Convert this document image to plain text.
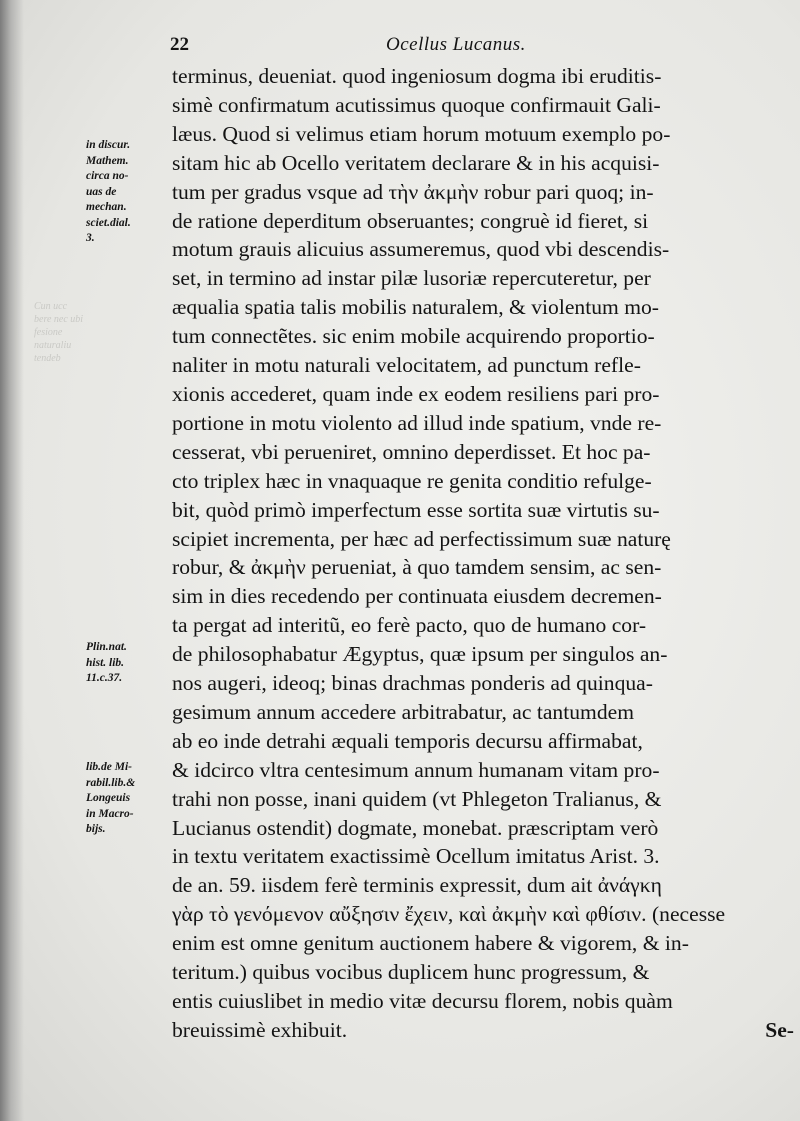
22	Ocellus Lucanus.
Cun ucc
bere nec ubi
fesione
naturaliu
tendeb
in discur.
Mathem.
circa no-
uas de
mechan.
sciet.dial.
3.
Plin.nat.
hist. lib.
11.c.37.
lib.de Mi-
rabil.lib.&
Longeuis
in Macro-
bijs.
terminus, deueniat. quod ingeniosum dogma ibi eruditis-
simè confirmatum acutissimus quoque confirmauit Gali-
læus. Quod si velimus etiam horum motuum exemplo po-
sitam hic ab Ocello veritatem declarare & in his acquisi-
tum per gradus vsque ad τὴν ἀκμὴν robur pari quoq; in-
de ratione deperditum obseruantes; congruè id fieret, si
motum grauis alicuius assumeremus, quod vbi descendis-
set, in termino ad instar pilæ lusoriæ repercuteretur, per
æqualia spatia talis mobilis naturalem, & violentum mo-
tum connectẽtes. sic enim mobile acquirendo proportio-
naliter in motu naturali velocitatem, ad punctum refle-
xionis accederet, quam inde ex eodem resiliens pari pro-
portione in motu violento ad illud inde spatium, vnde re-
cesserat, vbi perueniret, omnino deperdisset. Et hoc pa-
cto triplex hæc in vnaquaque re genita conditio refulge-
bit, quòd primò imperfectum esse sortita suæ virtutis su-
scipiet incrementa, per hæc ad perfectissimum suæ naturę
robur, & ἀκμὴν perueniat, à quo tamdem sensim, ac sen-
sim in dies recedendo per continuata eiusdem decremen-
ta pergat ad interitũ, eo ferè pacto, quo de humano cor-
de philosophabatur Ægyptus, quæ ipsum per singulos an-
nos augeri, ideoq; binas drachmas ponderis ad quinqua-
gesimum annum accedere arbitrabatur, ac tantumdem
ab eo inde detrahi æquali temporis decursu affirmabat,
& idcirco vltra centesimum annum humanam vitam pro-
trahi non posse, inani quidem (vt Phlegeton Tralianus, &
Lucianus ostendit) dogmate, monebat. præscriptam verò
in textu veritatem exactissimè Ocellum imitatus Arist. 3.
de an. 59. iisdem ferè terminis expressit, dum ait ἀνάγκη
γὰρ τὸ γενόμενον αὔξησιν ἔχειν, καὶ ἀκμὴν καὶ φθίσιν. (necesse
enim est omne genitum auctionem habere & vigorem, & in-
teritum.) quibus vocibus duplicem hunc progressum, &
entis cuiuslibet in medio vitæ decursu florem, nobis quàm
breuissimè exhibuit.	Se-
